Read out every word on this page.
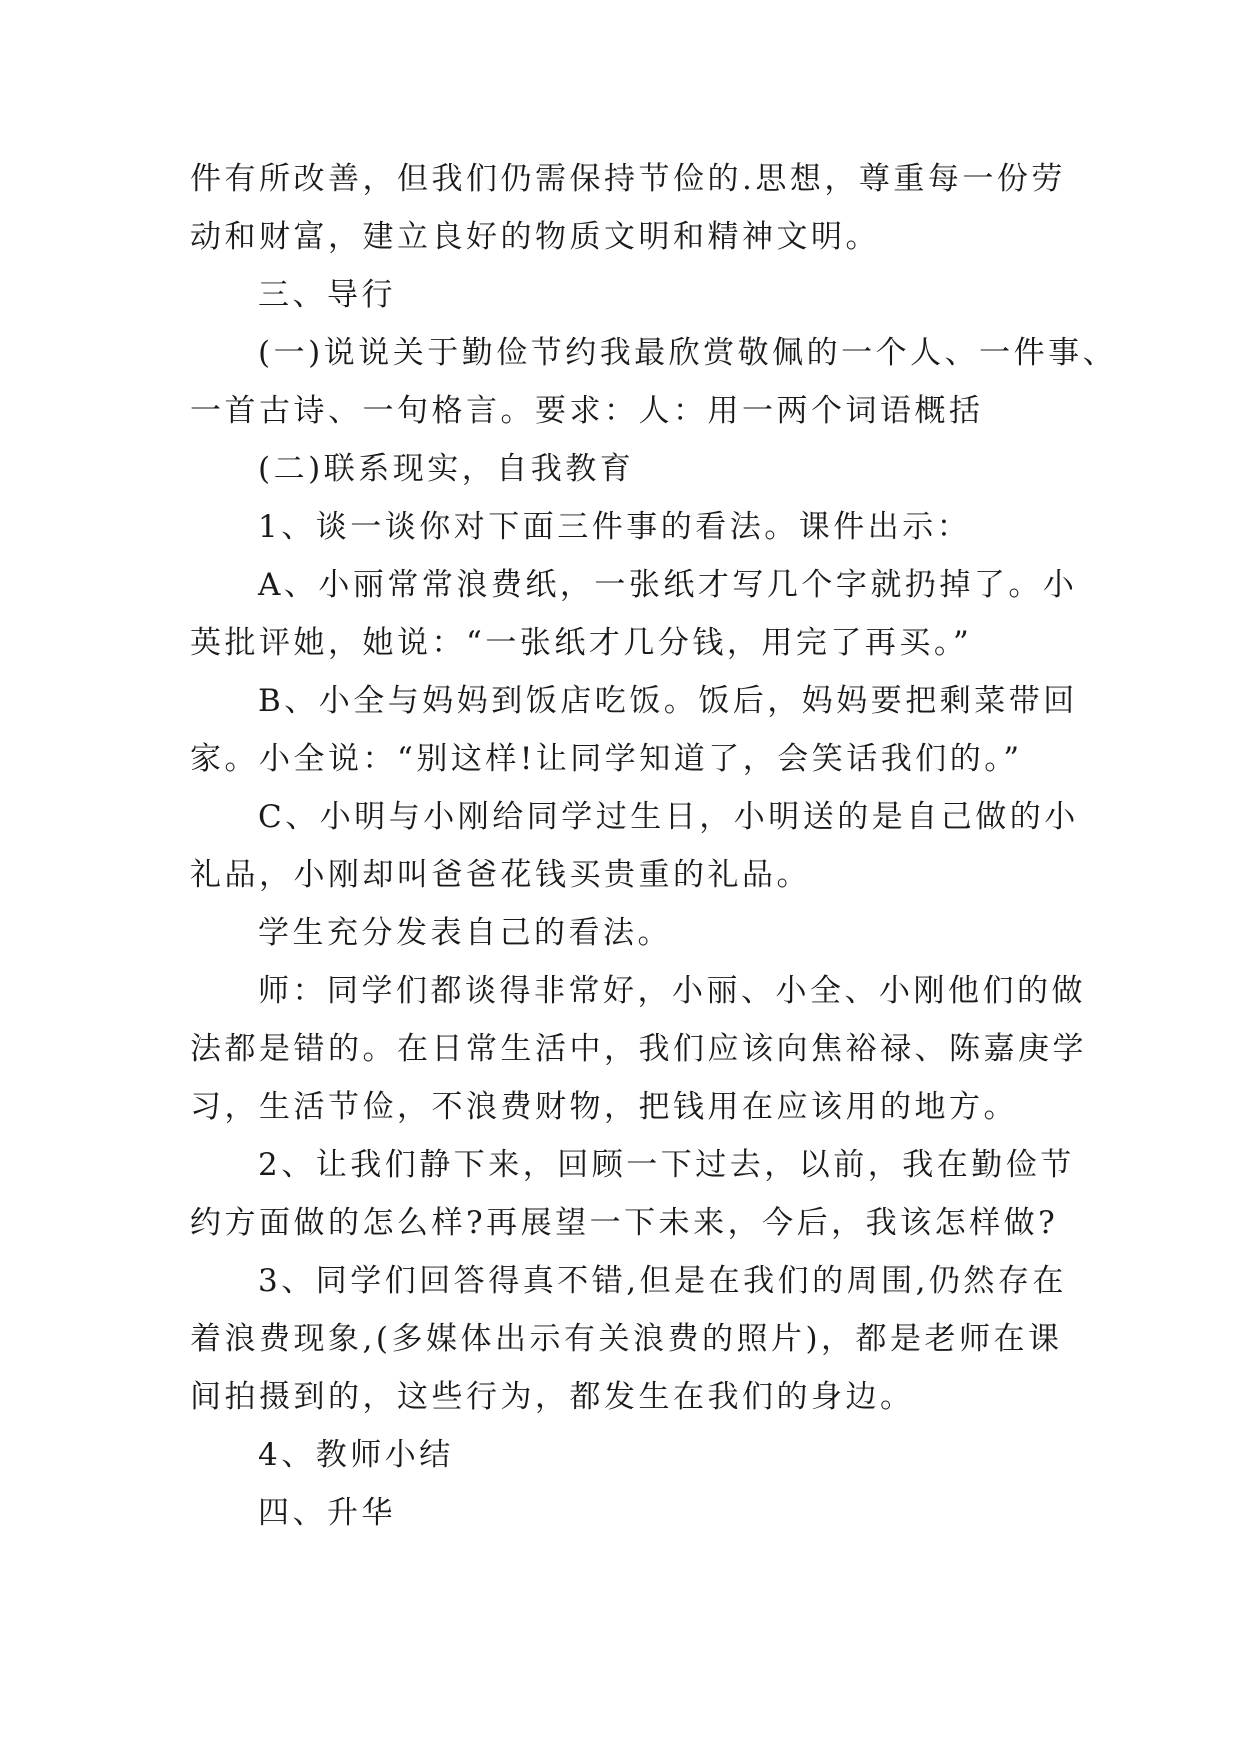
件有所改善，但我们仍需保持节俭的.思想，尊重每一份劳
动和财富，建立良好的物质文明和精神文明。
三、导行
(一)说说关于勤俭节约我最欣赏敬佩的一个人、一件事、
一首古诗、一句格言。要求：人：用一两个词语概括
(二)联系现实，自我教育
1、谈一谈你对下面三件事的看法。课件出示：
A、小丽常常浪费纸，一张纸才写几个字就扔掉了。小
英批评她，她说：“一张纸才几分钱，用完了再买。”
B、小全与妈妈到饭店吃饭。饭后，妈妈要把剩菜带回
家。小全说：“别这样!让同学知道了，会笑话我们的。”
C、小明与小刚给同学过生日，小明送的是自己做的小
礼品，小刚却叫爸爸花钱买贵重的礼品。
学生充分发表自己的看法。
师：同学们都谈得非常好，小丽、小全、小刚他们的做
法都是错的。在日常生活中，我们应该向焦裕禄、陈嘉庚学
习，生活节俭，不浪费财物，把钱用在应该用的地方。
2、让我们静下来，回顾一下过去，以前，我在勤俭节
约方面做的怎么样?再展望一下未来，今后，我该怎样做?
3、同学们回答得真不错,但是在我们的周围,仍然存在
着浪费现象,(多媒体出示有关浪费的照片)，都是老师在课
间拍摄到的，这些行为，都发生在我们的身边。
4、教师小结
四、升华
